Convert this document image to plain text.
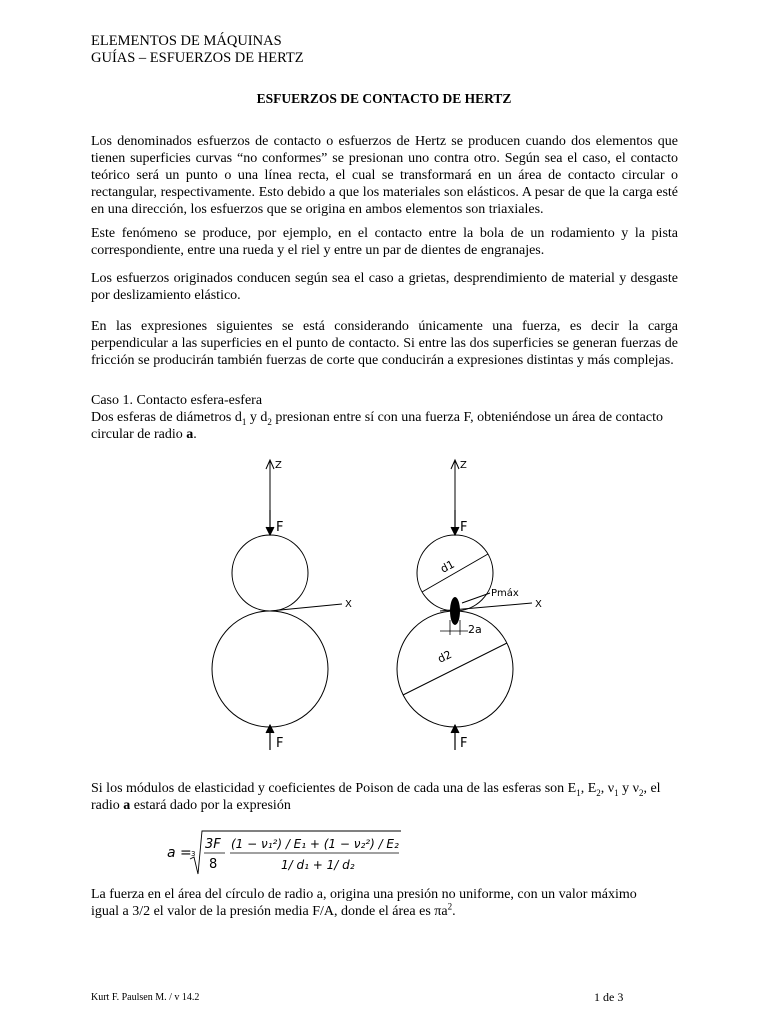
ELEMENTOS DE MÁQUINAS
GUÍAS – ESFUERZOS DE HERTZ
ESFUERZOS DE CONTACTO DE HERTZ
Los denominados esfuerzos de contacto o esfuerzos de Hertz se producen cuando dos elementos que tienen superficies curvas “no conformes” se presionan uno contra otro. Según sea el caso, el contacto teórico será un punto o una línea recta, el cual se transformará en un área de contacto circular o rectangular, respectivamente. Esto debido a que los materiales son elásticos. A pesar de que la carga esté en una dirección, los esfuerzos que se origina en ambos elementos son triaxiales.
Este fenómeno se produce, por ejemplo, en el contacto entre la bola de un rodamiento y la pista correspondiente, entre una rueda y el riel y entre un par de dientes de engranajes.
Los esfuerzos originados conducen según sea el caso a grietas, desprendimiento de material y desgaste por deslizamiento elástico.
En las expresiones siguientes se está considerando únicamente una fuerza, es decir la carga perpendicular a las superficies en el punto de contacto. Si entre las dos superficies se generan fuerzas de fricción se producirán también fuerzas de corte que conducirán a expresiones distintas y más complejas.
Caso 1. Contacto esfera-esfera
Dos esferas de diámetros $d_1$ y $d_2$ presionan entre sí con una fuerza F, obteniéndose un área de contacto
circular de radio a.
Z
F
X
F
Z
F
d1
d2
Pmáx
X
2a
F
Si los módulos de elasticidad y coeficientes de Poison de cada una de las esferas son $E_1$, $E_2$, $\nu_1$ y $\nu_2$, el
radio a estará dado por la expresión
a = 3
3F
8
(1 − ν₁²) / E₁ + (1 − ν₂²) / E₂
1/ d₁ + 1/ d₂
La fuerza en el área del círculo de radio a, origina una presión no uniforme, con un valor máximo
igual a 3/2 el valor de la presión media F/A, donde el área es $\pi a^2$.
Kurt F. Paulsen M. / v 14.2	1 de 3
